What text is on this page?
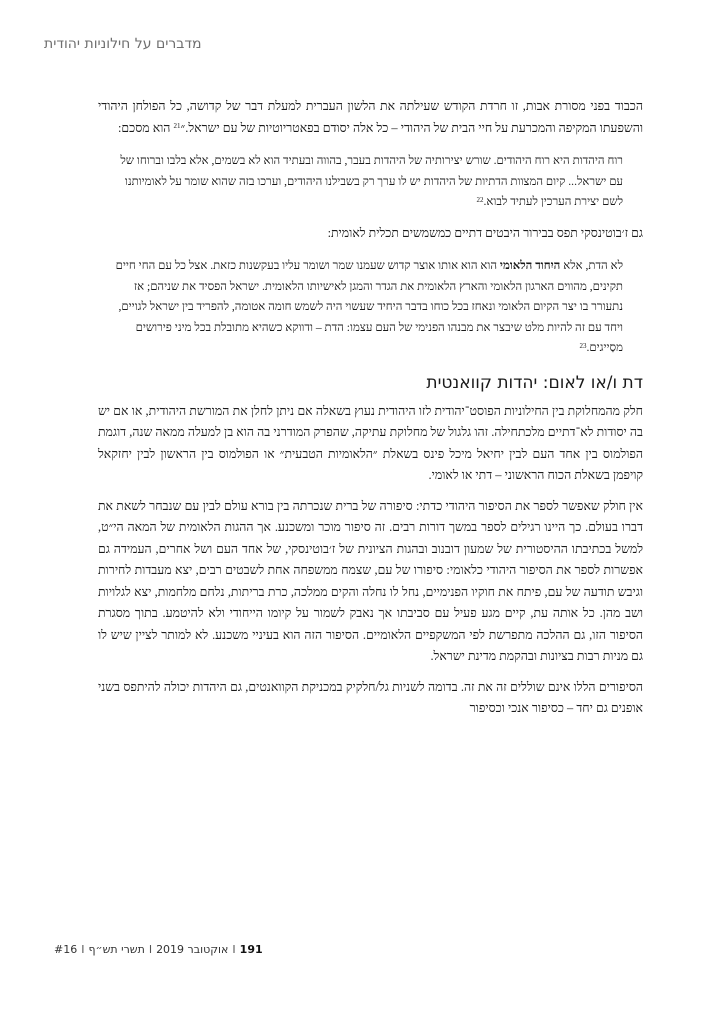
מדברים על חילוניות יהודית

הכבוד בפני מסורת אבות, זו חרדת הקודש שעילתה את הלשון העברית למעלת דבר של קדושה, כל הפולחן היהודי והשפעתו המקיפה והמכרעת על חיי הבית של היהודי – כל אלה יסודם בפאטריוטיות של עם ישראל.״$^{21}$ הוא מסכם:

רוח היהדות היא רוח היהודים. שורש יצירותיה של היהדות בעבר, בהווה ובעתיד הוא לא בשמים, אלא בלבו וברוחו של עם ישראל... קיום המצוות הדתיות של היהדות יש לו ערך רק בשבילנו היהודים, וערכו בזה שהוא שומר על לאומיותנו לשם יצירת הערכין לעתיד לבוא.$^{22}$

גם ז׳בוטינסקי תפס בבירור היבטים דתיים כמשמשים תכלית לאומית:

לא הדת, אלא היִחוד הלאומי הוא הוא אותו אוצר קדוש שעמנו שמר ושומר עליו בעקשנות כזאת. אצל כל עם החי חיים תקינים, מהווים הארגון הלאומי והארץ הלאומית את הגדר והמגן לאישיותו הלאומית. ישראל הפסיד את שניהם; אז נתעורר בו יצר הקיום הלאומי ונאחז בכל כוחו בדבר היחיד שעשוי היה לשמש חומה אטומה, להפריד בין ישראל לגויים, ויחד עם זה להיות מלט שיבצר את מבנהו הפנימי של העם עצמו: הדת – ודווקא כשהיא מתובלת בכל מיני פירושים מסַייגים.$^{23}$
דת ו/או לאום: יהדות קוואנטית

חלק מהמחלוקת בין החילוניות הפוסט־יהודית לזו היהודית נעוץ בשאלה אם ניתן לחלן את המורשת היהודית, או אם יש בה יסודות לא־דתיים מלכתחילה. זהו גלגול של מחלוקת עתיקה, שהפרק המודרני בה הוא בן למעלה ממאה שנה, דוגמת הפולמוס בין אחד העם לבין יחיאל מיכל פינס בשאלת ״הלאומיות הטבעית״ או הפולמוס בין הראשון לבין יחזקאל קויפמן בשאלת הכוח הראשוני – דתי או לאומי.

אין חולק שאפשר לספר את הסיפור היהודי כדתי: סיפורה של ברית שנכרתה בין בורא עולם לבין עם שנבחר לשאת את דברו בעולם. כך היינו רגילים לספר במשך דורות רבים. זה סיפור מוכר ומשכנע. אך ההגות הלאומית של המאה הי״ט, למשל בכתיבתו ההיסטורית של שמעון דובנוב ובהגות הציונית של ז׳בוטינסקי, של אחד העם ושל אחרים, העמידה גם אפשרות לספר את הסיפור היהודי כלאומי: סיפורו של עם, שצמח ממשפחה אחת לשבטים רבים, יצא מעבדות לחירות וגיבש תודעה של עם, פיתח את חוקיו הפנימיים, נחל לו נחלה והקים ממלכה, כרת בריתות, נלחם מלחמות, יצא לגלויות ושב מהן. כל אותה עת, קיים מגע פעיל עם סביבתו אך נאבק לשמור על קיומו הייחודי ולא להיטמע. בתוך מסגרת הסיפור הזו, גם ההלכה מתפרשת לפי המשקפיים הלאומיים. הסיפור הזה הוא בעיניי משכנע. לא למותר לציין שיש לו גם מניות רבות בציונות ובהקמת מדינת ישראל.

הסיפורים הללו אינם שוללים זה את זה. בדומה לשניות גל/חלקיק במכניקת הקוואנטים, גם היהדות יכולה להיתפס בשני אופנים גם יחד – כסיפור אנכי וכסיפור

#16 I תשרי תש״ף I אוקטובר 2019 I 191
